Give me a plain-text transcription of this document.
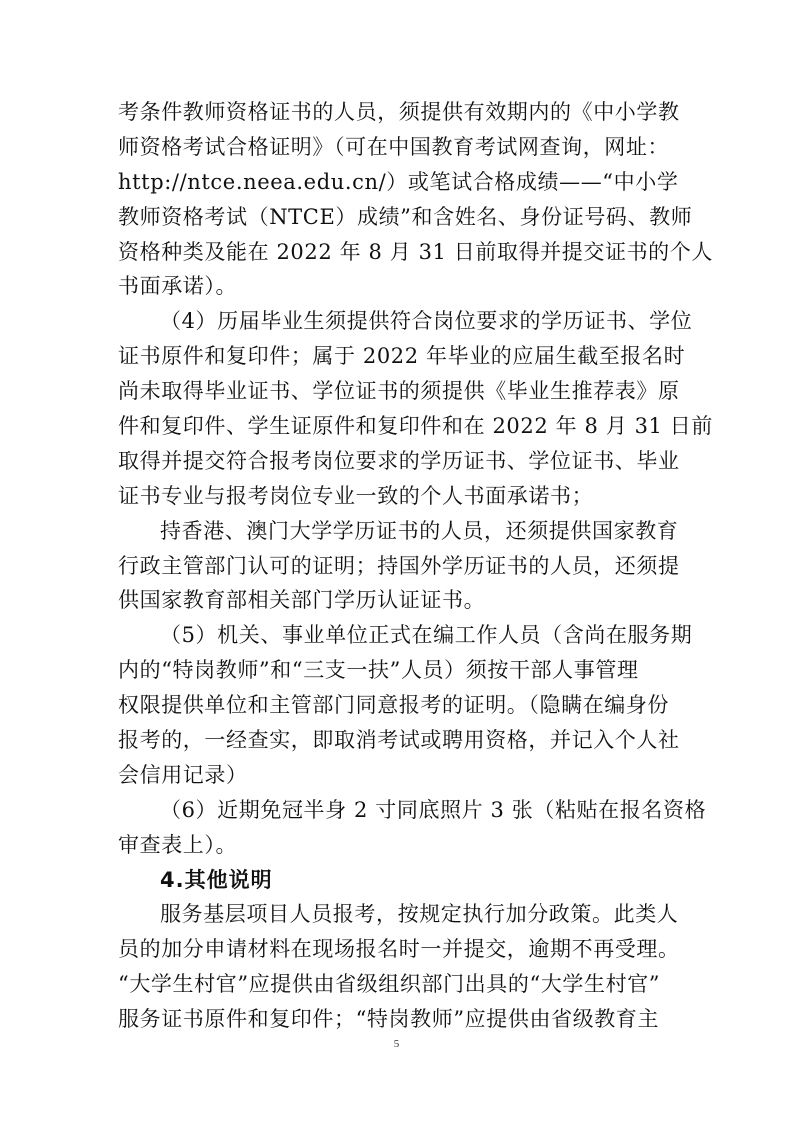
考条件教师资格证书的人员，须提供有效期内的《中小学教
师资格考试合格证明》（可在中国教育考试网查询，网址：
http://ntce.neea.edu.cn/）或笔试合格成绩——“中小学
教师资格考试（NTCE）成绩”和含姓名、身份证号码、教师
资格种类及能在 2022 年 8 月 31 日前取得并提交证书的个人
书面承诺）。
（4）历届毕业生须提供符合岗位要求的学历证书、学位
证书原件和复印件；属于 2022 年毕业的应届生截至报名时
尚未取得毕业证书、学位证书的须提供《毕业生推荐表》原
件和复印件、学生证原件和复印件和在 2022 年 8 月 31 日前
取得并提交符合报考岗位要求的学历证书、学位证书、毕业
证书专业与报考岗位专业一致的个人书面承诺书；
持香港、澳门大学学历证书的人员，还须提供国家教育
行政主管部门认可的证明；持国外学历证书的人员，还须提
供国家教育部相关部门学历认证证书。
（5）机关、事业单位正式在编工作人员（含尚在服务期
内的“特岗教师”和“三支一扶”人员）须按干部人事管理
权限提供单位和主管部门同意报考的证明。（隐瞒在编身份
报考的，一经查实，即取消考试或聘用资格，并记入个人社
会信用记录）
（6）近期免冠半身 2 寸同底照片 3 张（粘贴在报名资格
审查表上）。
4.其他说明
服务基层项目人员报考，按规定执行加分政策。此类人
员的加分申请材料在现场报名时一并提交，逾期不再受理。
“大学生村官”应提供由省级组织部门出具的“大学生村官”
服务证书原件和复印件；“特岗教师”应提供由省级教育主
5
